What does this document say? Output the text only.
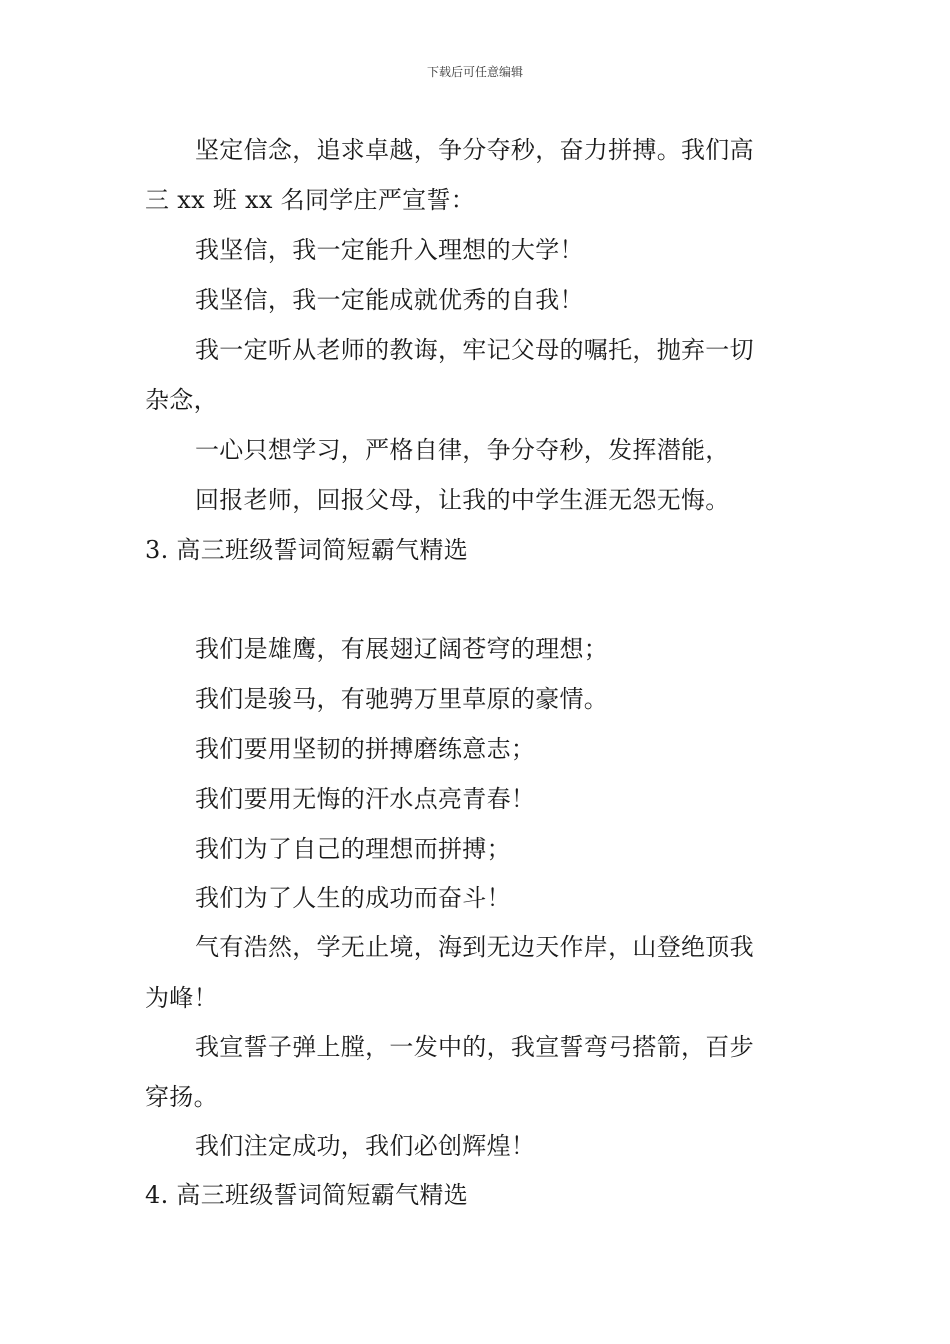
下载后可任意编辑
坚定信念，追求卓越，争分夺秒，奋力拼搏。我们高
三 xx 班 xx 名同学庄严宣誓：
我坚信，我一定能升入理想的大学！
我坚信，我一定能成就优秀的自我！
我一定听从老师的教诲，牢记父母的嘱托，抛弃一切
杂念，
一心只想学习，严格自律，争分夺秒，发挥潜能，
回报老师，回报父母，让我的中学生涯无怨无悔。
3. 高三班级誓词简短霸气精选
我们是雄鹰，有展翅辽阔苍穹的理想；
我们是骏马，有驰骋万里草原的豪情。
我们要用坚韧的拼搏磨练意志；
我们要用无悔的汗水点亮青春！
我们为了自己的理想而拼搏；
我们为了人生的成功而奋斗！
气有浩然，学无止境，海到无边天作岸，山登绝顶我
为峰！
我宣誓子弹上膛，一发中的，我宣誓弯弓搭箭，百步
穿扬。
我们注定成功，我们必创辉煌！
4. 高三班级誓词简短霸气精选
